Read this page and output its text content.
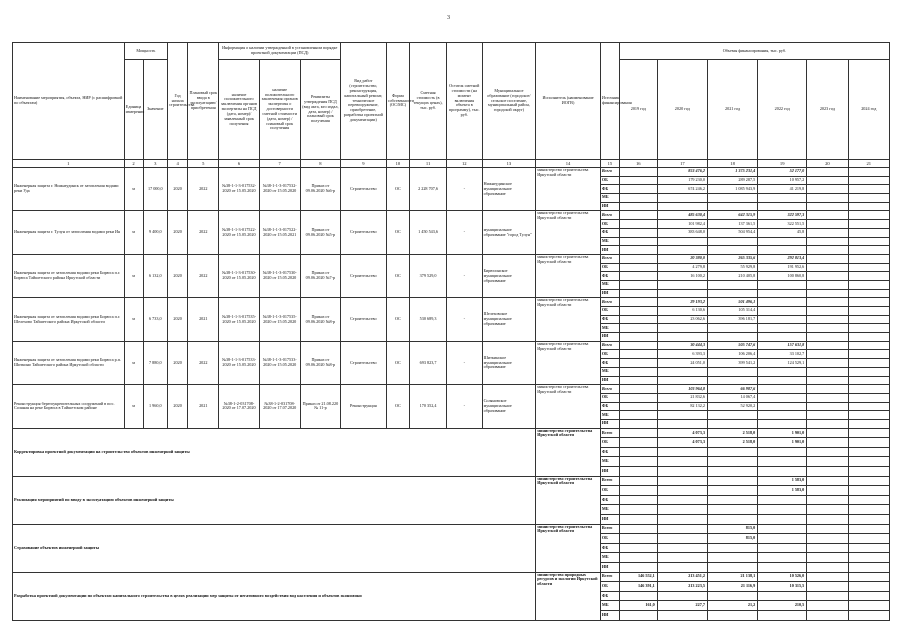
3
Наименование мероприятия, объекта, НИР (с расшифровкой по объектам)	Мощность		Год начала строительства	Плановый срок ввода в эксплуатацию/приобретения	Информация о наличии утвержденной в установленном порядке проектной документации (ПСД)			Вид работ (строительство, реконструкция, капитальный ремонт, техническое перевооружение, приобретение, разработка проектной документации)	Форма собственности (ОС/МС)	Сметная стоимость (в текущих ценах), тыс. руб.	Остаток сметной стоимости (на момент включения объекта в программу), тыс. руб.	Муниципальное образование (городское/сельское поселение, муниципальный район, городской округ)	Исполнитель (наименование ИОГВ)	Источник финансирования	Объемы финансирования, тыс. руб.					
	Единица измерения	Значение			наличие положительного заключения органов экспертизы на ПСД (дата, номер)/заявленный срок получения	наличие положительного заключения органов экспертизы о достоверности сметной стоимости (дата, номер) / плановый срок получения	Реквизиты утверждения ПСД (вид акта, кто издал, дата, номер) / плановый срок получения								2019 год	2020 год	2021 год	2022 год	2023 год	2024 год

1	2	3	4	5	6	7	8	9	10	11	12	13	14	15	16	17	18	19	20	21
Инженерная защита г. Нижнеудинск от затопления водами реки Уда	м	17 000,0	2020	2022	№38-1-1-3-017532-2020 от 15.05.2020	№38-1-1-3-017532-2020 от 15.05.2020	Приказ от 09.06.2020 №6-р	Строительство	ОС	2 228 707,6	-	Нижнеудинское муниципальное образование	министерство строительства Иркутской области	Всего		853 476,2	1 375 231,4	52 177,0		
														ОБ		179 230,0	289 287,5	10 957,2		
														ФБ		674 246,2	1 085 943,9	41 219,8		
														МБ						
														ИИ						
Инженерная защита г. Тулун от затопления водами реки Ия	м	9 400,0	2020	2022	№38-1-1-3-017522-2020 от 15.05.2020	№38-1-1-3-017522-2020 от 15.05.2021	Приказ от 09.06.2020 №5-р	Строительство	ОС	1 450 543,6	-	муниципальное образование "город Тулун"	министерство строительства Иркутской области	Всего		485 630,4	642 315,9	322 597,3		
														ОБ		101 982,4	137 361,5	322 551,5		
														ФБ		383 648,0	504 954,4	45,8		
														МБ						
														ИИ						
Инженерная защита от затопления водами реки Бирюса п.г. Бирюса Тайшетского района Иркутской области	м	6 132,0	2020	2022	№38-1-1-3-017530-2020 от 15.05.2020	№38-1-1-3-017530-2020 от 15.05.2020	Приказ от 09.06.2020 №7-р	Строительство	ОС	379 529,0	-	Бирюсинское муниципальное образование	министерство строительства Иркутской области	Всего		20 380,0	265 335,6	292 813,4		
														ОБ		4 279,8	55 929,8	191 952,6		
														ФБ		16 100,2	210 405,8	100 860,8		
														МБ						
														ИИ						
Инженерная защита от затопления водами реки Бирюса п.г. Шелехово Тайшетского района Иркутской области	м	6 733,0	2020	2021	№38-1-1-3-017535-2020 от 15.05.2020	№38-1-1-3-017535-2020 от 15.05.2020	Приказ от 09.06.2020 №8-р	Строительство	ОС	530 689,3	-	Шелеховское муниципальное образование	министерство строительства Иркутской области	Всего		29 193,2	501 496,1			
														ОБ		6 130,6	105 314,4			
														ФБ		23 062,6	396 181,7			
														МБ						
														ИИ						
Инженерная защита от затопления водами реки Бирюса р.п. Шиткино Тайшетского района Иркутской области	м	7 880,0	2020	2022	№38-1-1-3-017533-2020 от 15.05.2020	№38-1-1-3-017533-2020 от 15.05.2020	Приказ от 09.06.2020 №8-р	Строительство	ОС	693 823,7	-	Шиткинское муниципальное образование	министерство строительства Иркутской области	Всего		30 444,3	505 747,6	157 631,8		
														ОБ		6 393,3	106 206,4	33 102,7		
														ФБ		24 051,0	399 541,2	124 529,1		
														МБ						
														ИИ						
Реконструкция берегоукрепительных сооружений в пос. Соляная на реке Бирюса в Тайшетском районе	м	1 960,0	2020	2021	№38-1-2-031708-2020 от 17.07.2020	№38-1-2-031708-2020 от 17.07.2020	Приказ от 21.08.220 № 11-р	Реконструкция	ОС	170 352,4	-	Соляновское муниципальное образование	министерство строительства Иркутской области	Всего		103 964,8	66 987,6			
														ОБ		21 832,6	14 067,4			
														ФБ		82 132,2	52 920,2			
														МБ						
														ИИ						
Корректировка проектной документации на строительство объектов инженерной защиты													министерство строительства Иркутской области	Всего		4 073,3	2 518,0	1 901,0		
														ОБ		4 073,3	2 518,0	1 901,0		
														ФБ						
														МБ						
														ИИ						
Реализация мероприятий по вводу в эксплуатацию объектов инженерной защиты													министерство строительства Иркутской области	Всего				1 583,0		
														ОБ				1 583,0		
														ФБ						
														МБ						
														ИИ						
Страхование объектов инженерной защиты													министерство строительства Иркутской области	Всего			815,0			
														ОБ			815,0			
														ФБ						
														МБ						
														ИИ						
Разработка проектной документации по объектам капитального строительства в целях реализации мер защиты от негативного воздействия вод населения и объектов экономики													министерство природных ресурсов и экологии Иркутской области	Всего	146 552,1	213 451,2	21 138,1	10 526,0		
														ОБ	146 391,1	213 223,5	21 116,9	10 315,5		
														ФБ						
														МБ	161,0	227,7	21,2	210,5		
														ИИ						
